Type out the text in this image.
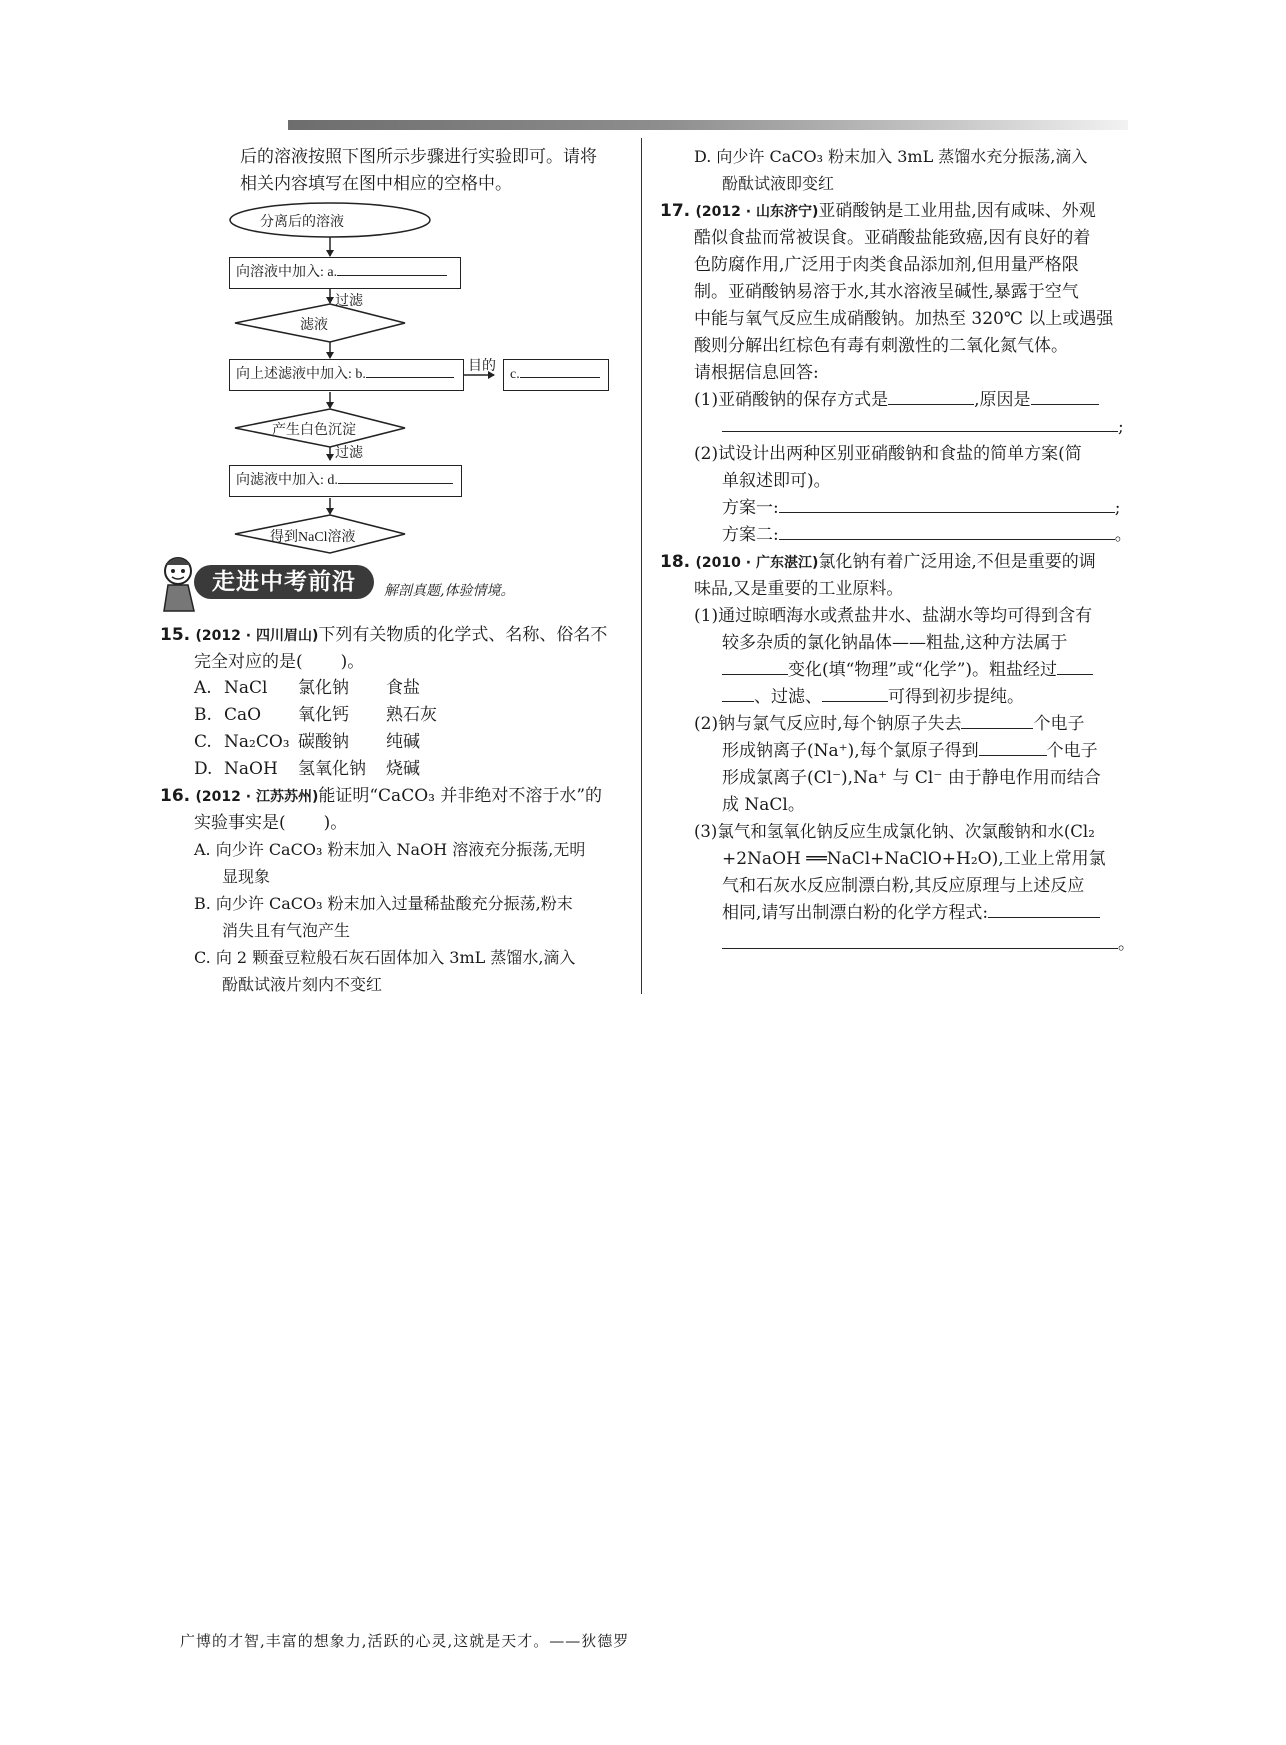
后的溶液按照下图所示步骤进行实验即可。请将
相关内容填写在图中相应的空格中。
分离后的溶液
向溶液中加入: a.
过滤
滤液
向上述滤液中加入: b.
目的
c.
产生白色沉淀
过滤
向滤液中加入: d.
得到NaCl溶液
走进中考前沿	解剖真题,体验情境。
15. (2012 · 四川眉山)下列有关物质的化学式、名称、俗名不
完全对应的是( )。
A. NaCl 氯化钠 食盐
B. CaO 氧化钙 熟石灰
C. Na₂CO₃ 碳酸钠 纯碱
D. NaOH 氢氧化钠 烧碱
16. (2012 · 江苏苏州)能证明“CaCO₃ 并非绝对不溶于水”的
实验事实是( )。
A. 向少许 CaCO₃ 粉末加入 NaOH 溶液充分振荡,无明
显现象
B. 向少许 CaCO₃ 粉末加入过量稀盐酸充分振荡,粉末
消失且有气泡产生
C. 向 2 颗蚕豆粒般石灰石固体加入 3mL 蒸馏水,滴入
酚酞试液片刻内不变红
D. 向少许 CaCO₃ 粉末加入 3mL 蒸馏水充分振荡,滴入
酚酞试液即变红
17. (2012 · 山东济宁)亚硝酸钠是工业用盐,因有咸味、外观
酷似食盐而常被误食。亚硝酸盐能致癌,因有良好的着
色防腐作用,广泛用于肉类食品添加剂,但用量严格限
制。亚硝酸钠易溶于水,其水溶液呈碱性,暴露于空气
中能与氧气反应生成硝酸钠。加热至 320℃ 以上或遇强
酸则分解出红棕色有毒有刺激性的二氧化氮气体。
请根据信息回答:
(1)亚硝酸钠的保存方式是	,原因是
;
(2)试设计出两种区别亚硝酸钠和食盐的简单方案(简
单叙述即可)。
方案一:	;
方案二:	。
18. (2010 · 广东湛江)氯化钠有着广泛用途,不但是重要的调
味品,又是重要的工业原料。
(1)通过晾晒海水或煮盐井水、盐湖水等均可得到含有
较多杂质的氯化钠晶体——粗盐,这种方法属于
变化(填“物理”或“化学”)。粗盐经过
、过滤、	可得到初步提纯。
(2)钠与氯气反应时,每个钠原子失去	个电子
形成钠离子(Na⁺),每个氯原子得到	个电子
形成氯离子(Cl⁻),Na⁺ 与 Cl⁻ 由于静电作用而结合
成 NaCl。
(3)氯气和氢氧化钠反应生成氯化钠、次氯酸钠和水(Cl₂
+2NaOH ══NaCl+NaClO+H₂O),工业上常用氯
气和石灰水反应制漂白粉,其反应原理与上述反应
相同,请写出制漂白粉的化学方程式:
。
广博的才智,丰富的想象力,活跃的心灵,这就是天才。——狄德罗
